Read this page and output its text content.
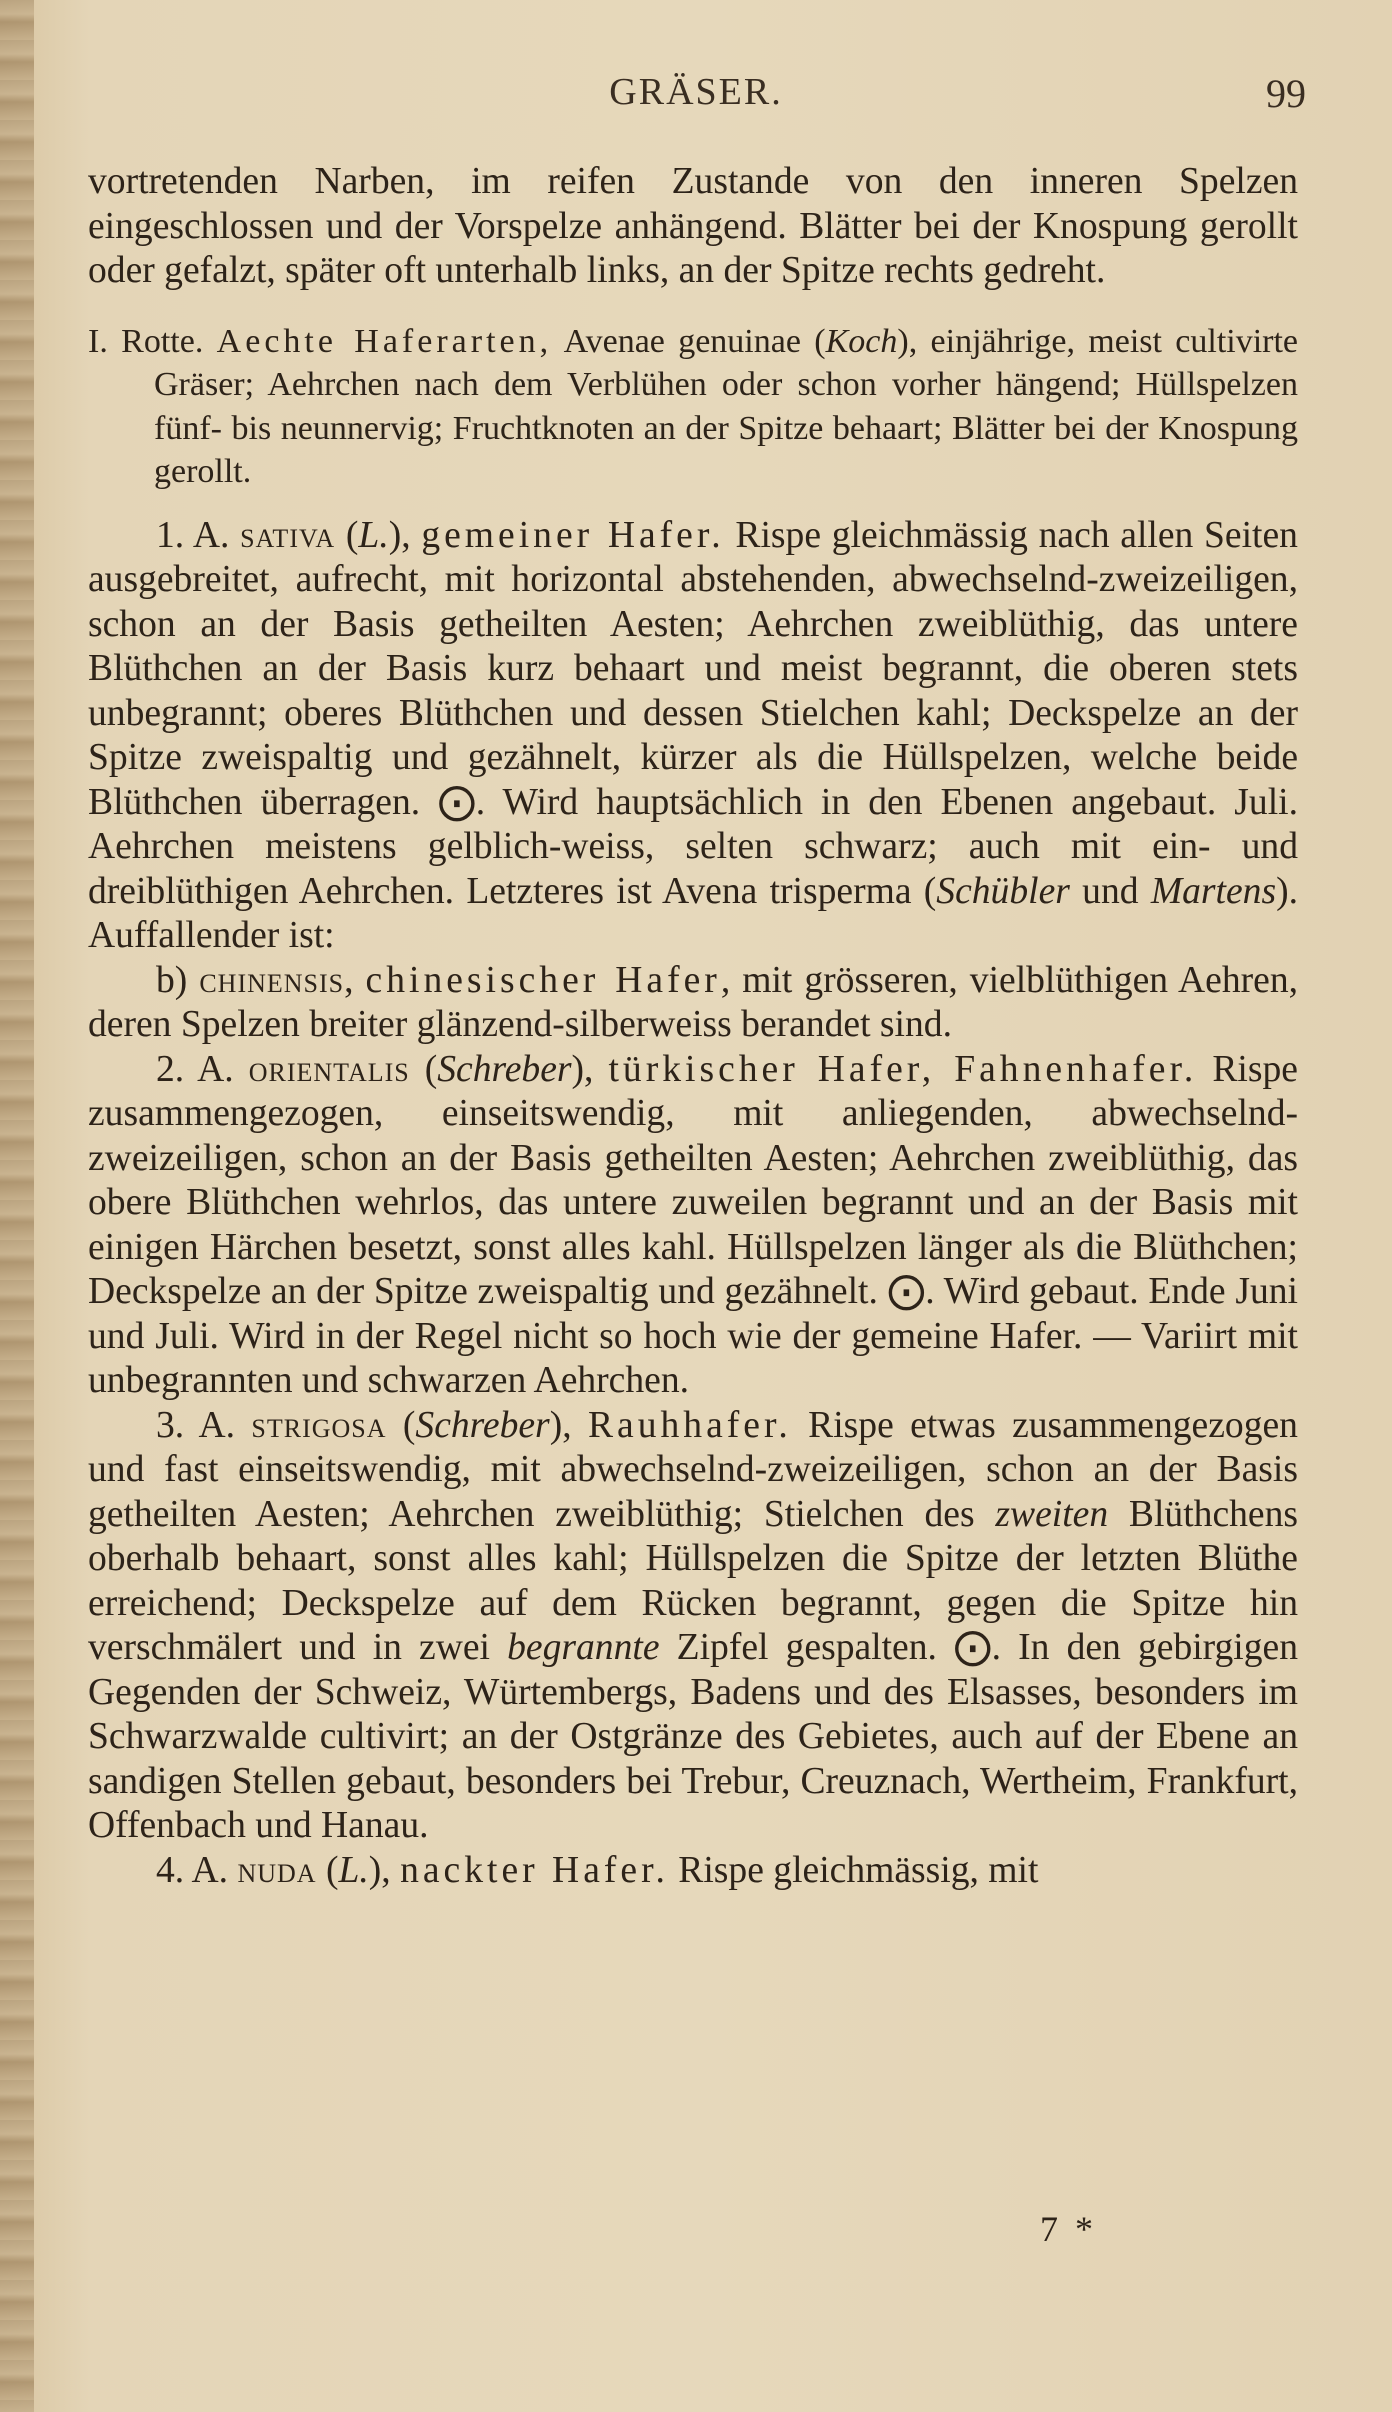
GRÄSER.	99

vortretenden Narben, im reifen Zustande von den inneren Spelzen eingeschlossen und der Vorspelze anhängend. Blätter bei der Knospung gerollt oder gefalzt, später oft unterhalb links, an der Spitze rechts gedreht.

I. Rotte. Aechte Haferarten, Avenae genuinae (Koch), einjährige, meist cultivirte Gräser; Aehrchen nach dem Verblühen oder schon vorher hängend; Hüllspelzen fünf- bis neunnervig; Fruchtknoten an der Spitze behaart; Blätter bei der Knospung gerollt.

1. A. sativa (L.), gemeiner Hafer. Rispe gleichmässig nach allen Seiten ausgebreitet, aufrecht, mit horizontal abstehenden, abwechselnd-zweizeiligen, schon an der Basis getheilten Aesten; Aehrchen zweiblüthig, das untere Blüthchen an der Basis kurz behaart und meist begrannt, die oberen stets unbegrannt; oberes Blüthchen und dessen Stielchen kahl; Deckspelze an der Spitze zweispaltig und gezähnelt, kürzer als die Hüllspelzen, welche beide Blüthchen überragen. ⨀. Wird hauptsächlich in den Ebenen angebaut. Juli. Aehrchen meistens gelblich-weiss, selten schwarz; auch mit ein- und dreiblüthigen Aehrchen. Letzteres ist Avena trisperma (Schübler und Martens). Auffallender ist:

b) chinensis, chinesischer Hafer, mit grösseren, vielblüthigen Aehren, deren Spelzen breiter glänzend-silberweiss berandet sind.

2. A. orientalis (Schreber), türkischer Hafer, Fahnenhafer. Rispe zusammengezogen, einseitswendig, mit anliegenden, abwechselnd-zweizeiligen, schon an der Basis getheilten Aesten; Aehrchen zweiblüthig, das obere Blüthchen wehrlos, das untere zuweilen begrannt und an der Basis mit einigen Härchen besetzt, sonst alles kahl. Hüllspelzen länger als die Blüthchen; Deckspelze an der Spitze zweispaltig und gezähnelt. ⨀. Wird gebaut. Ende Juni und Juli. Wird in der Regel nicht so hoch wie der gemeine Hafer. — Variirt mit unbegrannten und schwarzen Aehrchen.

3. A. strigosa (Schreber), Rauhhafer. Rispe etwas zusammengezogen und fast einseitswendig, mit abwechselnd-zweizeiligen, schon an der Basis getheilten Aesten; Aehrchen zweiblüthig; Stielchen des zweiten Blüthchens oberhalb behaart, sonst alles kahl; Hüllspelzen die Spitze der letzten Blüthe erreichend; Deckspelze auf dem Rücken begrannt, gegen die Spitze hin verschmälert und in zwei begrannte Zipfel gespalten. ⨀. In den gebirgigen Gegenden der Schweiz, Würtembergs, Badens und des Elsasses, besonders im Schwarzwalde cultivirt; an der Ostgränze des Gebietes, auch auf der Ebene an sandigen Stellen gebaut, besonders bei Trebur, Creuznach, Wertheim, Frankfurt, Offenbach und Hanau.

4. A. nuda (L.), nackter Hafer. Rispe gleichmässig, mit

7 *
